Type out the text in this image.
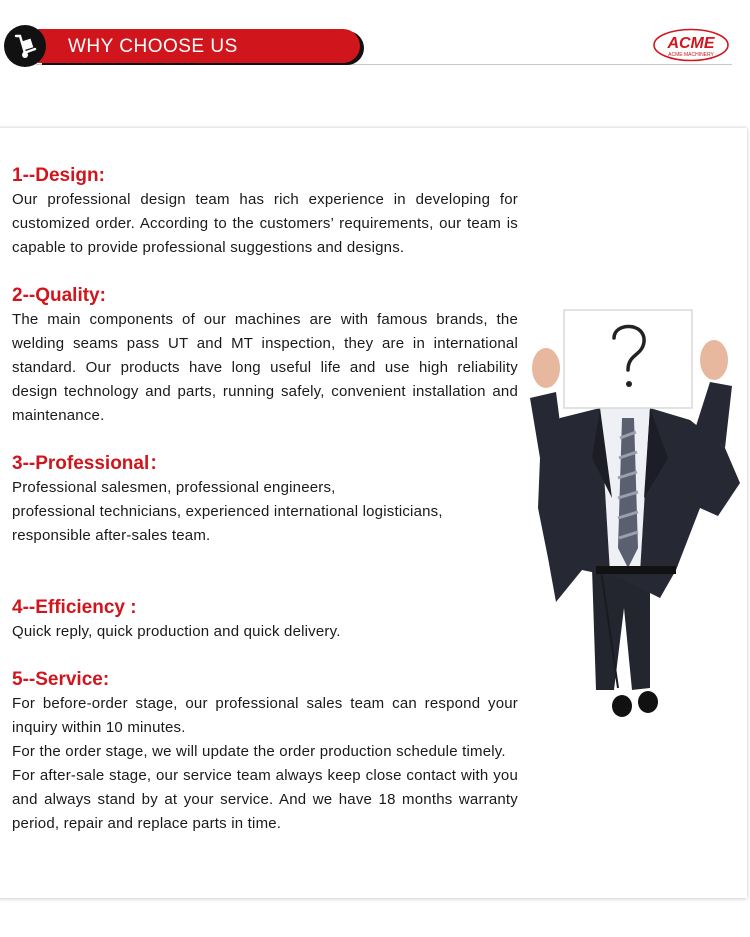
WHY CHOOSE US	ACME
ACME MACHINERY
1--Design:

Our professional design team has rich experience in developing for customized order. According to the customers’ requirements, our team is capable to provide professional suggestions and designs.

2--Quality:

The main components of our machines are with famous brands, the welding seams pass UT and MT inspection, they are in international standard. Our products have long useful life and use high reliability design technology and parts, running safely, convenient installation and maintenance.

3--Professional：

Professional salesmen, professional engineers,
professional technicians, experienced international logisticians,
responsible after-sales team.

4--Efficiency :

Quick reply, quick production and quick delivery.

5--Service:

For before-order stage, our professional sales team can respond your inquiry within 10 minutes.
For the order stage, we will update the order production schedule timely.
For after-sale stage, our service team always keep close contact with you and always stand by at your service. And we have 18 months warranty period, repair and replace parts in time.
